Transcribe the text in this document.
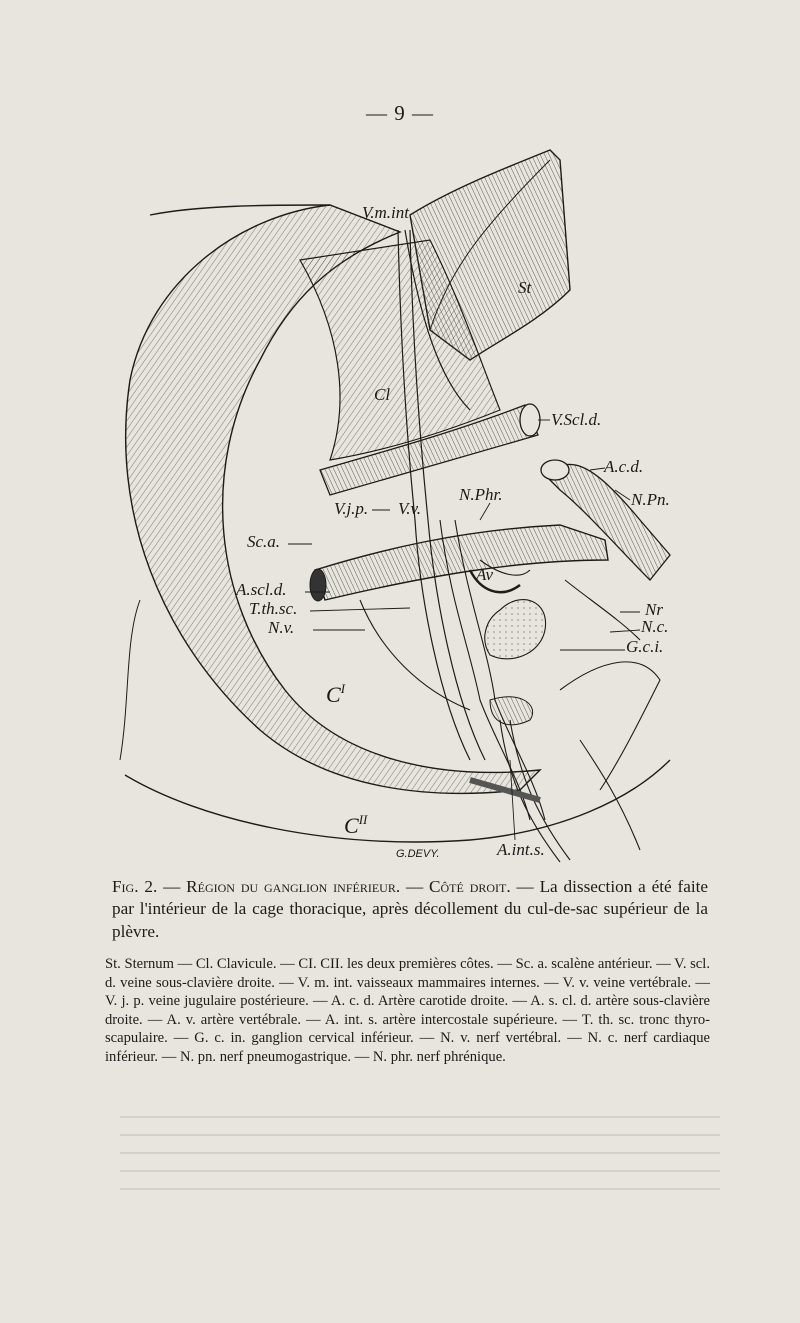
— 9 —
V.m.int
St
Cl
V.Scl.d.
A.c.d.
N.Pn.
N.Phr.
V.j.p. V.v.
Sc.a.
A.scl.d.
T.th.sc.
N.v.
Av
Nr
N.c.
G.c.i.
$C^I$
$C^{II}$
A.int.s.
G.DEVY.
Fig. 2. — Région du ganglion inférieur. — Côté droit. — La dissection a été faite par l'intérieur de la cage thoracique, après décollement du cul-de-sac supérieur de la plèvre.

St. Sternum — Cl. Clavicule. — CI. CII. les deux premières côtes. — Sc. a. scalène antérieur. — V. scl. d. veine sous-clavière droite. — V. m. int. vaisseaux mammaires internes. — V. v. veine vertébrale. — V. j. p. veine jugulaire postérieure. — A. c. d. Artère carotide droite. — A. s. cl. d. artère sous-clavière droite. — A. v. artère vertébrale. — A. int. s. artère intercostale supérieure. — T. th. sc. tronc thyro-scapulaire. — G. c. in. ganglion cervical inférieur. — N. v. nerf vertébral. — N. c. nerf cardiaque inférieur. — N. pn. nerf pneumogastrique. — N. phr. nerf phrénique.
